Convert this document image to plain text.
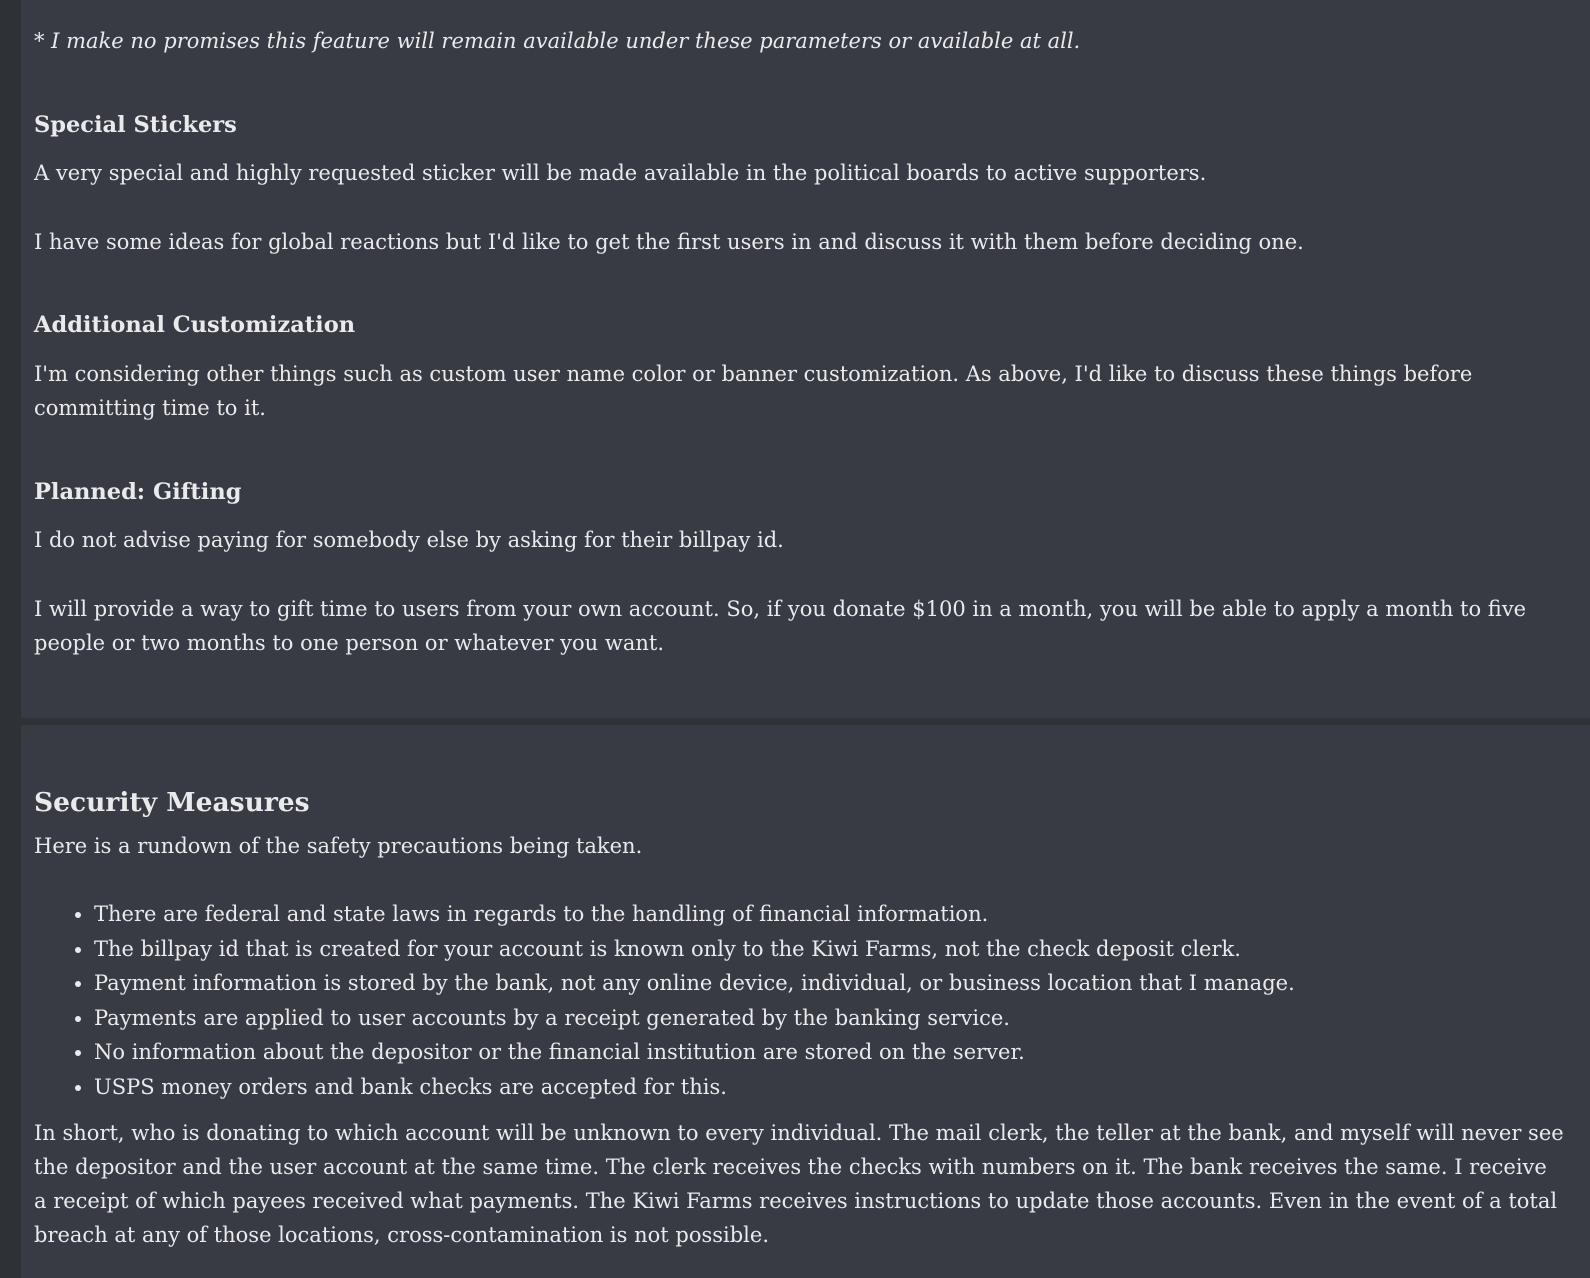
* I make no promises this feature will remain available under these parameters or available at all.
Special Stickers

A very special and highly requested sticker will be made available in the political boards to active supporters.

I have some ideas for global reactions but I'd like to get the first users in and discuss it with them before deciding one.

Additional Customization

I'm considering other things such as custom user name color or banner customization. As above, I'd like to discuss these things before committing time to it.

Planned: Gifting

I do not advise paying for somebody else by asking for their billpay id.

I will provide a way to gift time to users from your own account. So, if you donate $100 in a month, you will be able to apply a month to five people or two months to one person or whatever you want.

Security Measures

Here is a rundown of the safety precautions being taken.

• There are federal and state laws in regards to the handling of financial information.
• The billpay id that is created for your account is known only to the Kiwi Farms, not the check deposit clerk.
• Payment information is stored by the bank, not any online device, individual, or business location that I manage.
• Payments are applied to user accounts by a receipt generated by the banking service.
• No information about the depositor or the financial institution are stored on the server.
• USPS money orders and bank checks are accepted for this.

In short, who is donating to which account will be unknown to every individual. The mail clerk, the teller at the bank, and myself will never see the depositor and the user account at the same time. The clerk receives the checks with numbers on it. The bank receives the same. I receive a receipt of which payees received what payments. The Kiwi Farms receives instructions to update those accounts. Even in the event of a total breach at any of those locations, cross-contamination is not possible.
